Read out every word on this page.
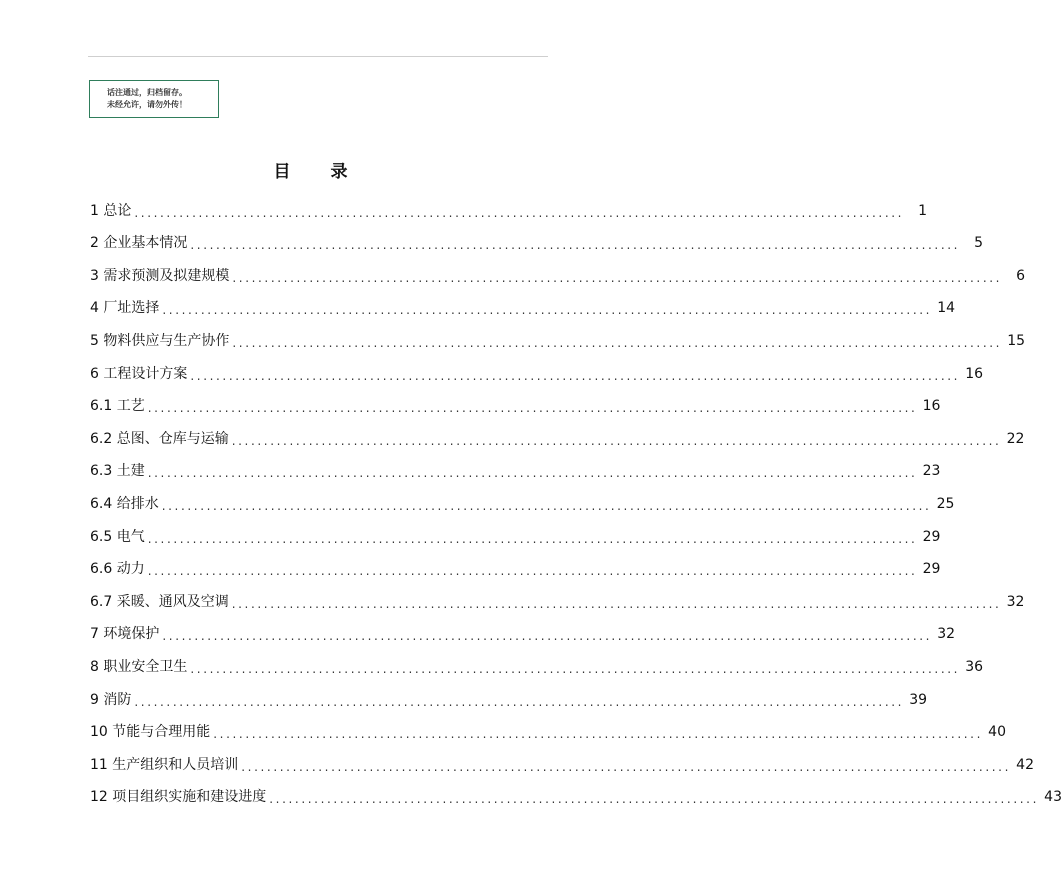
话注通过，归档留存。
未经允许，请勿外传！
目 录
1 总论 ........................................................................................................................	1
2 企业基本情况 ........................................................................................................................	5
3 需求预测及拟建规模 ........................................................................................................................	6
4 厂址选择 ........................................................................................................................ 14
5 物料供应与生产协作 ........................................................................................................................ 15
6 工程设计方案 ........................................................................................................................ 16
6.1 工艺 ........................................................................................................................ 16
6.2 总图、仓库与运输 ........................................................................................................................ 22
6.3 土建 ........................................................................................................................ 23
6.4 给排水 ........................................................................................................................ 25
6.5 电气 ........................................................................................................................ 29
6.6 动力 ........................................................................................................................ 29
6.7 采暖、通风及空调 ........................................................................................................................ 32
7 环境保护 ........................................................................................................................ 32
8 职业安全卫生 ........................................................................................................................ 36
9 消防 ........................................................................................................................ 39
10 节能与合理用能 ........................................................................................................................ 40
11 生产组织和人员培训 ........................................................................................................................ 42
12 项目组织实施和建设进度 ........................................................................................................................ 43
